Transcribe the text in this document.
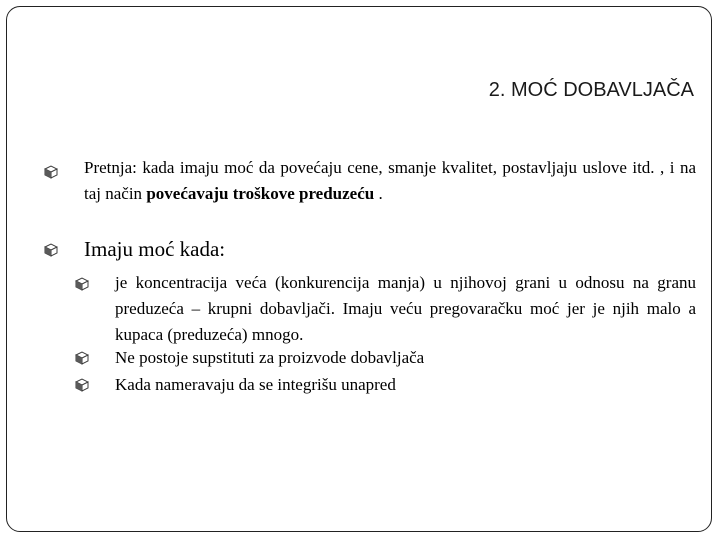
2. MOĆ DOBAVLJAČA

Pretnja: kada imaju moć da povećaju cene, smanje kvalitet, postavljaju uslove itd. , i na taj način povećavaju troškove preduzeću .

Imaju moć kada:

je koncentracija veća (konkurencija manja) u njihovoj grani u odnosu na granu preduzeća – krupni dobavljači. Imaju veću pregovaračku moć jer je njih malo a kupaca (preduzeća) mnogo.

Ne postoje supstituti za proizvode dobavljača

Kada nameravaju da se integrišu unapred
